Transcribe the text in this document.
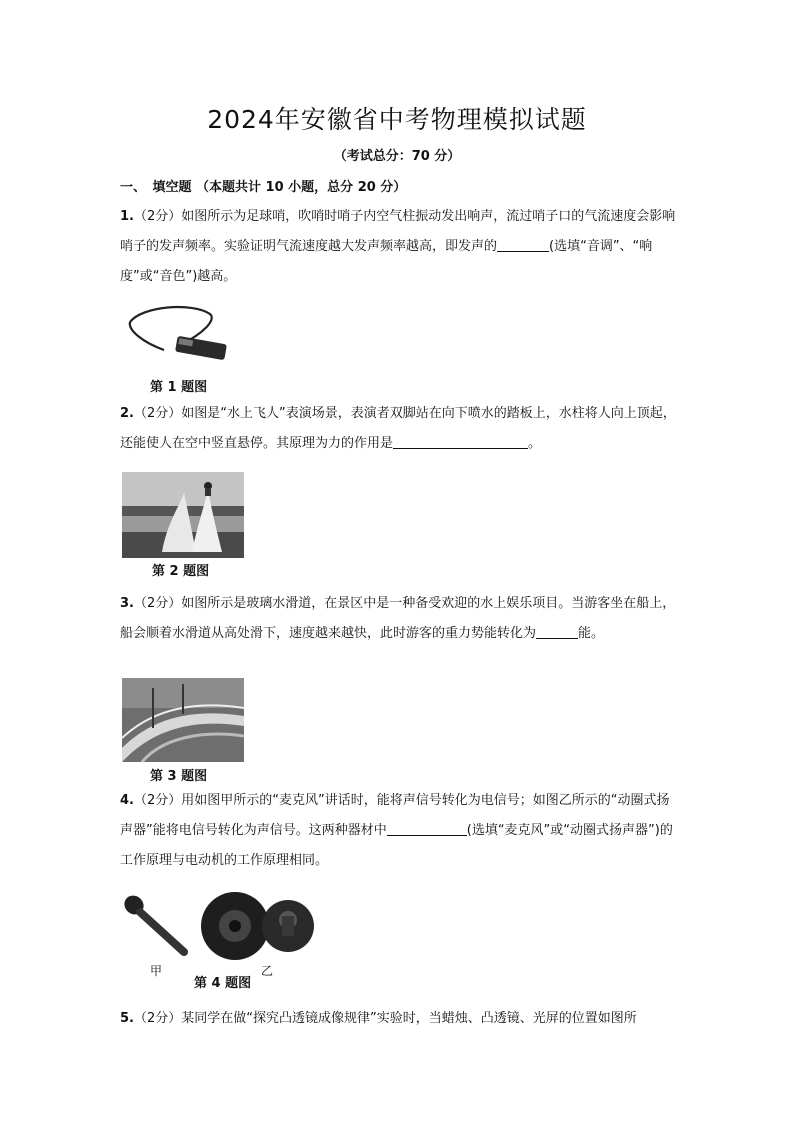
2024年安徽省中考物理模拟试题
（考试总分：70 分）
一、　填空题 （本题共计 10 小题，总分 20 分）
1.（2分）如图所示为足球哨，吹哨时哨子内空气柱振动发出响声，流过哨子口的气流速度会影响哨子的发声频率。实验证明气流速度越大发声频率越高，即发声的	(选填“音调”、“响度”或“音色”)越高。
第 1 题图
2.（2分）如图是“水上飞人”表演场景，表演者双脚站在向下喷水的踏板上，水柱将人向上顶起，还能使人在空中竖直悬停。其原理为力的作用是	。
第 2 题图
3.（2分）如图所示是玻璃水滑道，在景区中是一种备受欢迎的水上娱乐项目。当游客坐在船上，船会顺着水滑道从高处滑下，速度越来越快，此时游客的重力势能转化为	能。
第 3 题图
4.（2分）用如图甲所示的“麦克风”讲话时，能将声信号转化为电信号；如图乙所示的“动圈式扬声器”能将电信号转化为声信号。这两种器材中	(选填“麦克风”或“动圈式扬声器”)的工作原理与电动机的工作原理相同。
甲	乙
第 4 题图
5.（2分）某同学在做“探究凸透镜成像规律”实验时，当蜡烛、凸透镜、光屏的位置如图所
